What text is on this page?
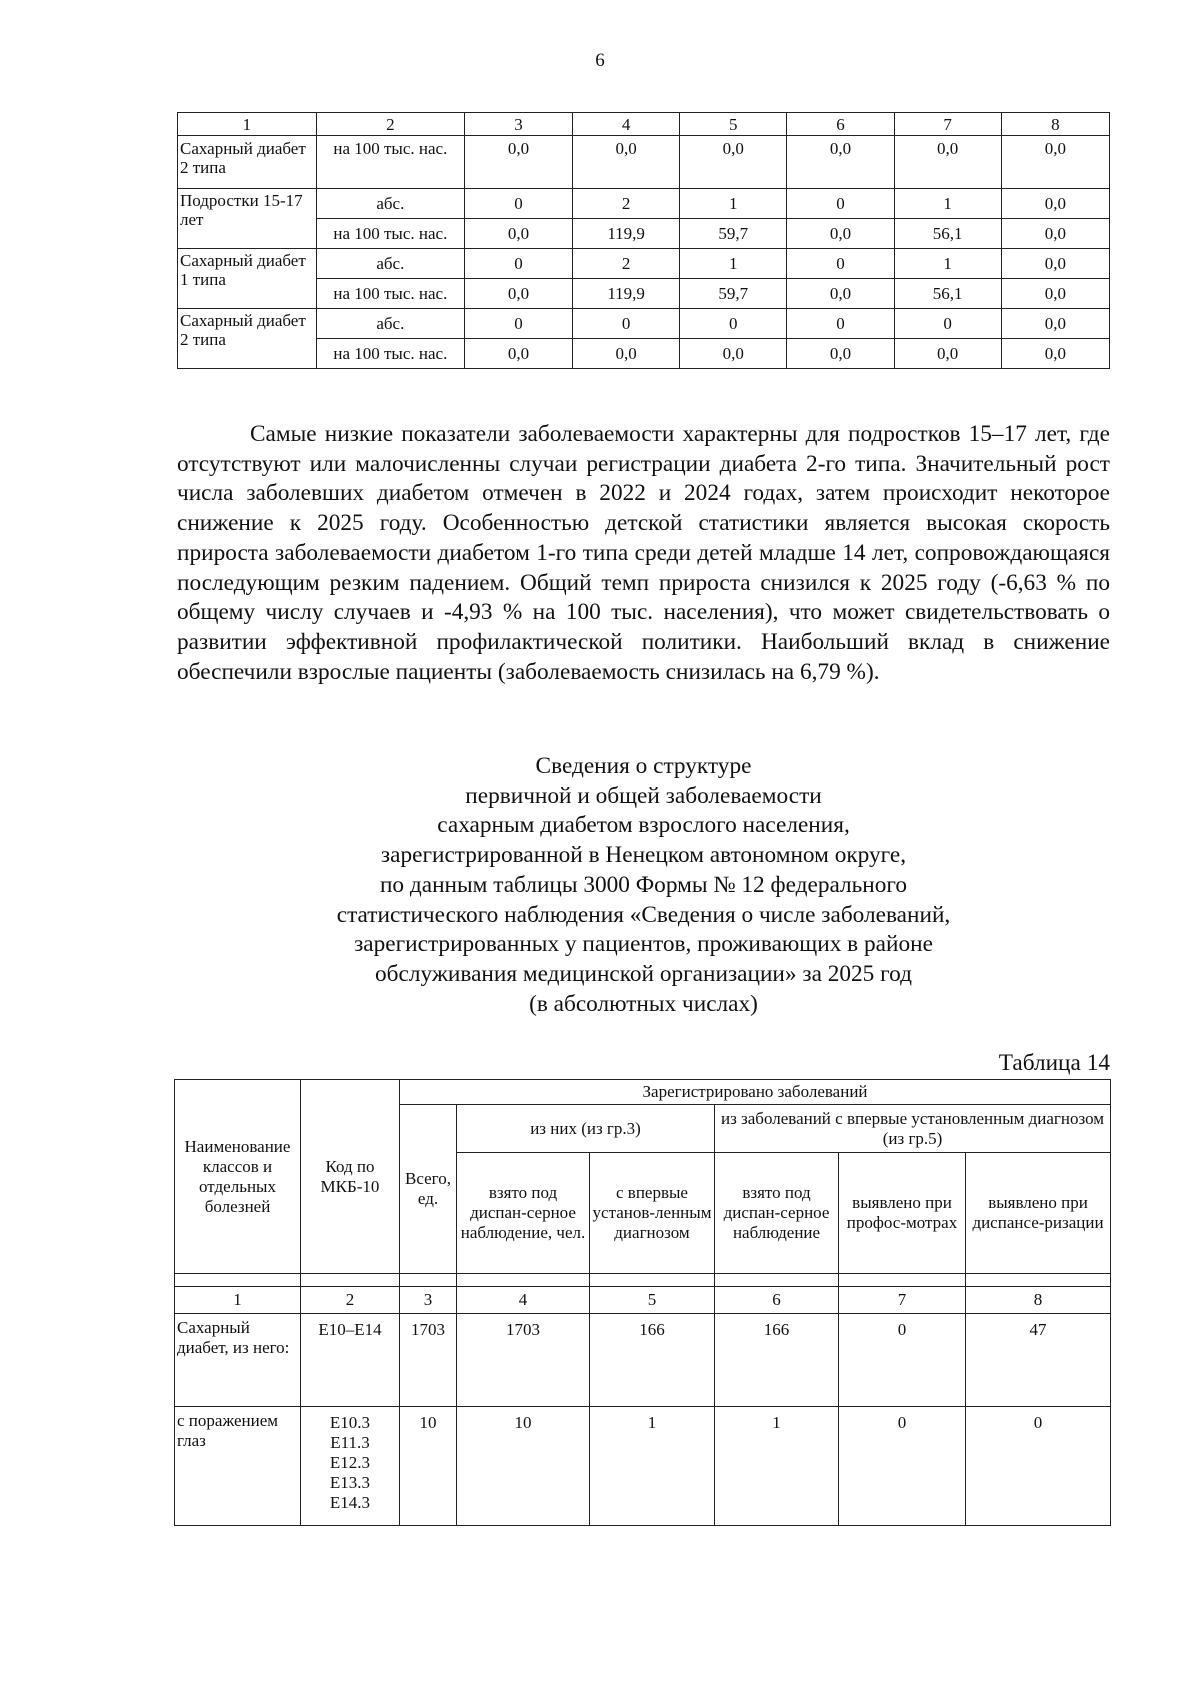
6
1	2	3	4	5	6	7	8
Сахарный диабет 2 типа	на 100 тыс. нас.	0,0	0,0	0,0	0,0	0,0	0,0
Подростки 15-17 лет	абс.	0	2	1	0	1	0,0
	на 100 тыс. нас.	0,0	119,9	59,7	0,0	56,1	0,0
Сахарный диабет 1 типа	абс.	0	2	1	0	1	0,0
	на 100 тыс. нас.	0,0	119,9	59,7	0,0	56,1	0,0
Сахарный диабет 2 типа	абс.	0	0	0	0	0	0,0
	на 100 тыс. нас.	0,0	0,0	0,0	0,0	0,0	0,0

Самые низкие показатели заболеваемости характерны для подростков 15–17 лет, где отсутствуют или малочисленны случаи регистрации диабета 2-го типа. Значительный рост числа заболевших диабетом отмечен в 2022 и 2024 годах, затем происходит некоторое снижение к 2025 году. Особенностью детской статистики является высокая скорость прироста заболеваемости диабетом 1-го типа среди детей младше 14 лет, сопровождающаяся последующим резким падением. Общий темп прироста снизился к 2025 году (-6,63 % по общему числу случаев и -4,93 % на 100 тыс. населения), что может свидетельствовать о развитии эффективной профилактической политики. Наибольший вклад в снижение обеспечили взрослые пациенты (заболеваемость снизилась на 6,79 %).

Сведения о структуре
первичной и общей заболеваемости
сахарным диабетом взрослого населения,
зарегистрированной в Ненецком автономном округе,
по данным таблицы 3000 Формы № 12 федерального
статистического наблюдения «Сведения о числе заболеваний,
зарегистрированных у пациентов, проживающих в районе
обслуживания медицинской организации» за 2025 год
(в абсолютных числах)
Таблица 14
Наименование классов и отдельных болезней	Код по МКБ-10	Зарегистрировано заболеваний					
		Всего, ед.	из них (из гр.3)		из заболеваний с впервые установленным диагнозом (из гр.5)		
			взято под диспан-серное наблюдение, чел.	с впервые установ-ленным диагнозом	взято под диспан-серное наблюдение	выявлено при профос-мотрах	выявлено при диспансе-ризации

1	2	3	4	5	6	7	8
Сахарный диабет, из него:	E10–E14	1703	1703	166	166	0	47
с поражением глаз	E10.3
E11.3
E12.3
E13.3
E14.3	10	10	1	1	0	0
